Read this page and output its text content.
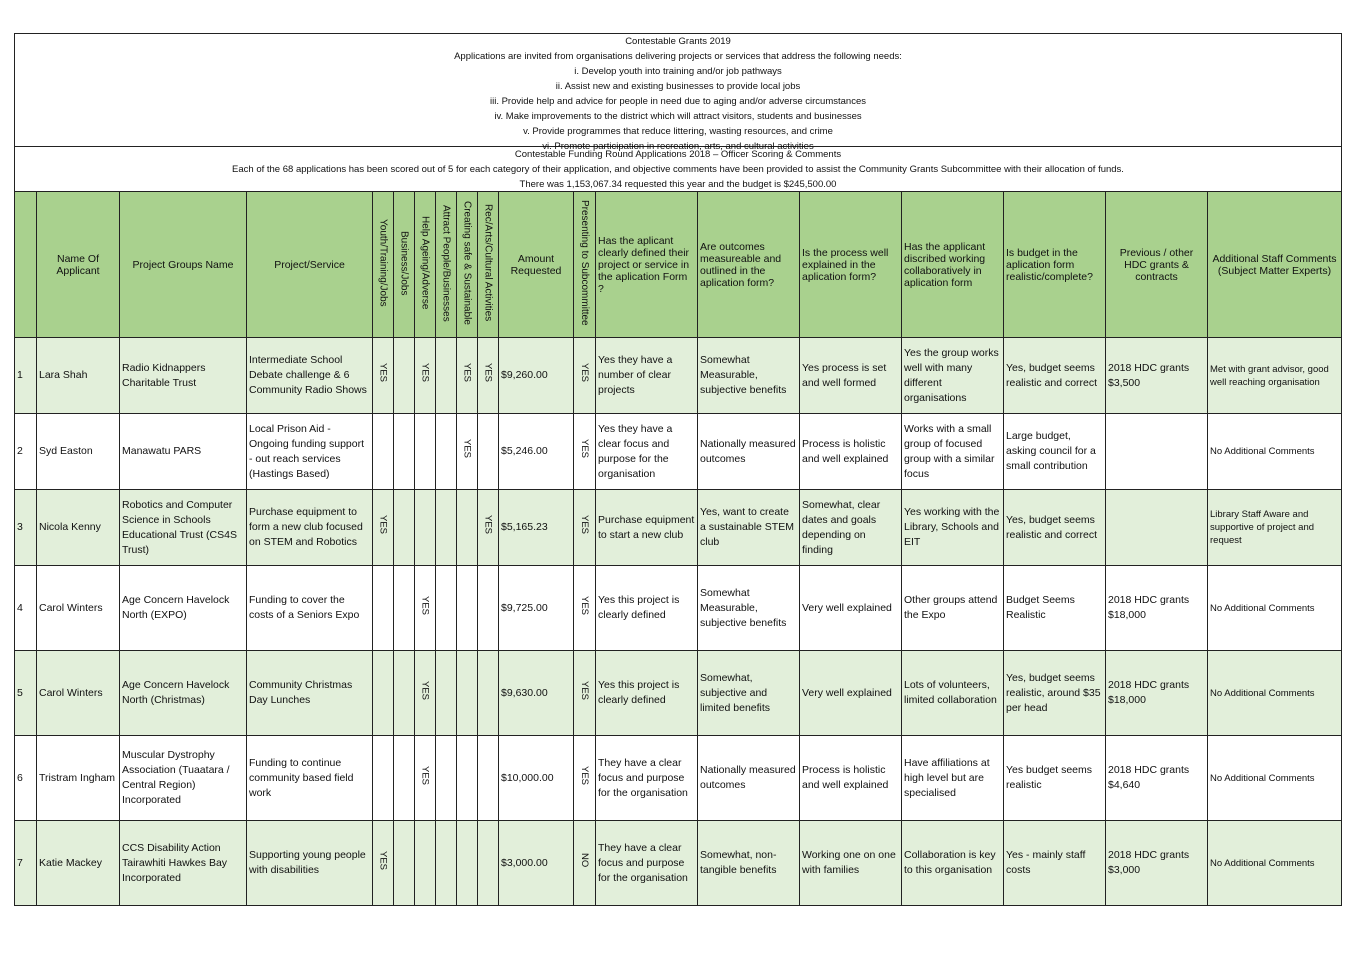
Contestable Grants 2019
Applications are invited from organisations delivering projects or services that address the following needs:
i. Develop youth into training and/or job pathways
ii. Assist new and existing businesses to provide local jobs
iii. Provide help and advice for people in need due to aging and/or adverse circumstances
iv. Make improvements to the district which will attract visitors, students and businesses
v. Provide programmes that reduce littering, wasting resources, and crime
vi. Promote participation in recreation, arts, and cultural activities
Contestable Funding Round Applications 2018 – Officer Scoring & Comments
Each of the 68 applications has been scored out of 5 for each category of their application, and objective comments have been provided to assist the Community Grants Subcommittee with their allocation of funds.
There was 1,153,067.34 requested this year and the budget is $245,500.00
	Name Of Applicant	Project Groups Name	Project/Service	Youth/Training/Jobs	Business/Jobs	Help Ageing/Adverse	Attract People/Businesses	Creating safe & Sustainable	Rec/Arts/Cultural Activities	Amount Requested	Presenting to Subcommittee	Has the aplicant clearly defined their project or service in the aplication Form ?	Are outcomes measureable and outlined in the aplication form?	Is the process well explained in the aplication form?	Has the applicant discribed working collaboratively in aplication form	Is budget in the aplication form realistic/complete?	Previous / other HDC grants & contracts	Additional Staff Comments (Subject Matter Experts)
1	Lara Shah	Radio Kidnappers Charitable Trust	Intermediate School Debate challenge & 6 Community Radio Shows	YES		YES		YES	YES	$9,260.00	YES	Yes they have a number of clear projects	Somewhat Measurable, subjective benefits	Yes process is set and well formed	Yes the group works well with many different organisations	Yes, budget seems realistic and correct	2018 HDC grants $3,500	Met with grant advisor, good well reaching organisation
2	Syd Easton	Manawatu PARS	Local Prison Aid - Ongoing funding support - out reach services (Hastings Based)					YES		$5,246.00	YES	Yes they have a clear focus and purpose for the organisation	Nationally measured outcomes	Process is holistic and well explained	Works with a small group of focused group with a similar focus	Large budget, asking council for a small contribution		No Additional Comments
3	Nicola Kenny	Robotics and Computer Science in Schools Educational Trust (CS4S Trust)	Purchase equipment to form a new club focused on STEM and Robotics	YES					YES	$5,165.23	YES	Purchase equipment to start a new club	Yes, want to create a sustainable STEM club	Somewhat, clear dates and goals depending on finding	Yes working with the Library, Schools and EIT	Yes, budget seems realistic and correct		Library Staff Aware and supportive of project and request
4	Carol Winters	Age Concern Havelock North (EXPO)	Funding to cover the costs of a Seniors Expo			YES				$9,725.00	YES	Yes this project is clearly defined	Somewhat Measurable, subjective benefits	Very well explained	Other groups attend the Expo	Budget Seems Realistic	2018 HDC grants $18,000	No Additional Comments
5	Carol Winters	Age Concern Havelock North (Christmas)	Community Christmas Day Lunches			YES				$9,630.00	YES	Yes this project is clearly defined	Somewhat, subjective and limited benefits	Very well explained	Lots of volunteers, limited collaboration	Yes, budget seems realistic, around $35 per head	2018 HDC grants $18,000	No Additional Comments
6	Tristram Ingham	Muscular Dystrophy Association (Tuaatara / Central Region) Incorporated	Funding to continue community based field work			YES				$10,000.00	YES	They have a clear focus and purpose for the organisation	Nationally measured outcomes	Process is holistic and well explained	Have affiliations at high level but are specialised	Yes budget seems realistic	2018 HDC grants $4,640	No Additional Comments
7	Katie Mackey	CCS Disability Action Tairawhiti Hawkes Bay Incorporated	Supporting young people with disabilities	YES						$3,000.00	NO	They have a clear focus and purpose for the organisation	Somewhat, non-tangible benefits	Working one on one with families	Collaboration is key to this organisation	Yes - mainly staff costs	2018 HDC grants $3,000	No Additional Comments
